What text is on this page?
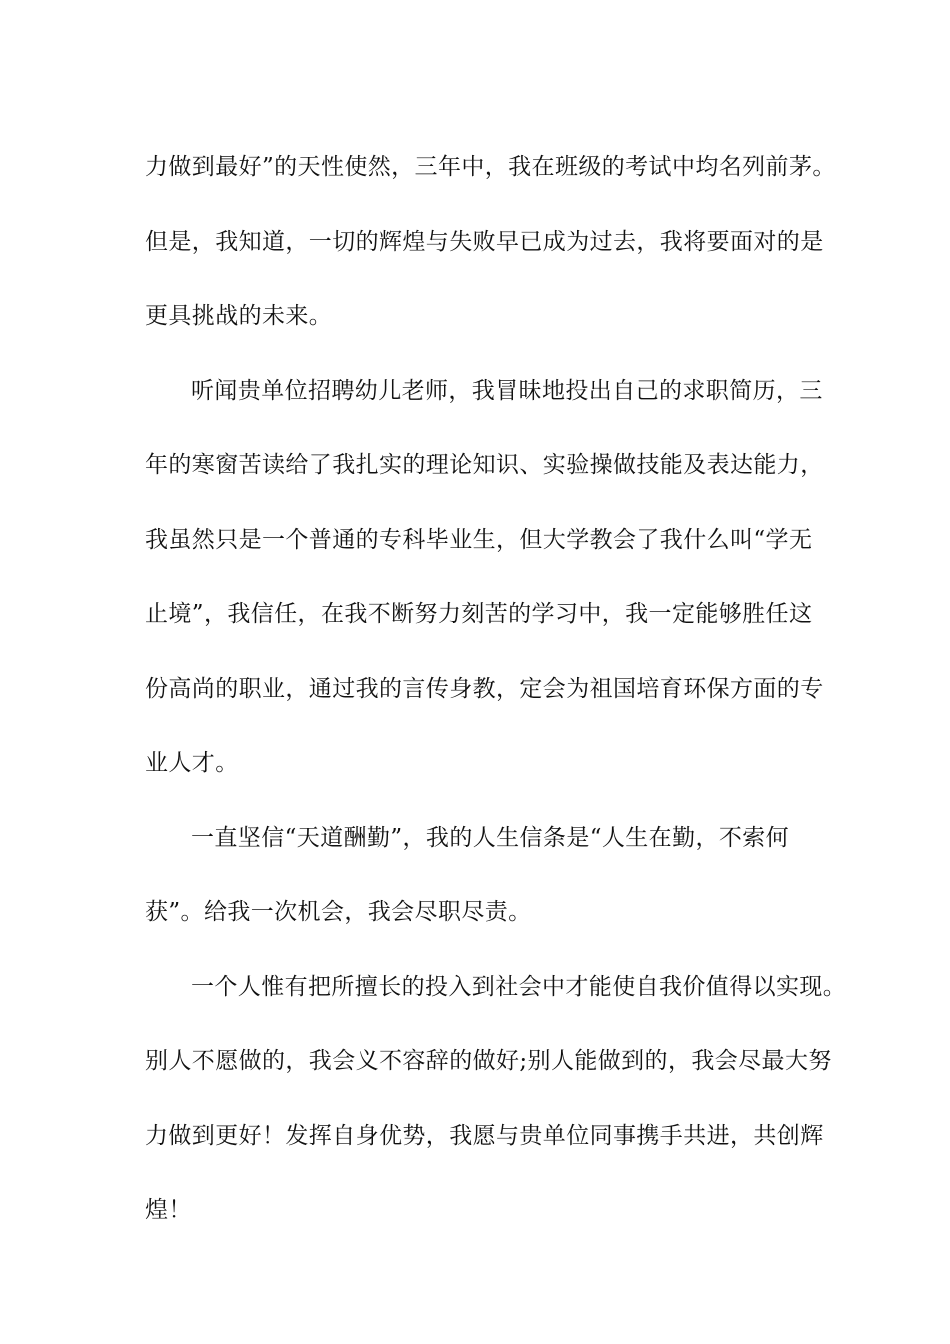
力做到最好”的天性使然，三年中，我在班级的考试中均名列前茅。
但是，我知道，一切的辉煌与失败早已成为过去，我将要面对的是
更具挑战的未来。
听闻贵单位招聘幼儿老师，我冒昧地投出自己的求职简历，三
年的寒窗苦读给了我扎实的理论知识、实验操做技能及表达能力，
我虽然只是一个普通的专科毕业生，但大学教会了我什么叫“学无
止境”，我信任，在我不断努力刻苦的学习中，我一定能够胜任这
份高尚的职业，通过我的言传身教，定会为祖国培育环保方面的专
业人才。
一直坚信“天道酬勤”，我的人生信条是“人生在勤，不索何
获”。给我一次机会，我会尽职尽责。
一个人惟有把所擅长的投入到社会中才能使自我价值得以实现。
别人不愿做的，我会义不容辞的做好;别人能做到的，我会尽最大努
力做到更好！发挥自身优势，我愿与贵单位同事携手共进，共创辉
煌！
